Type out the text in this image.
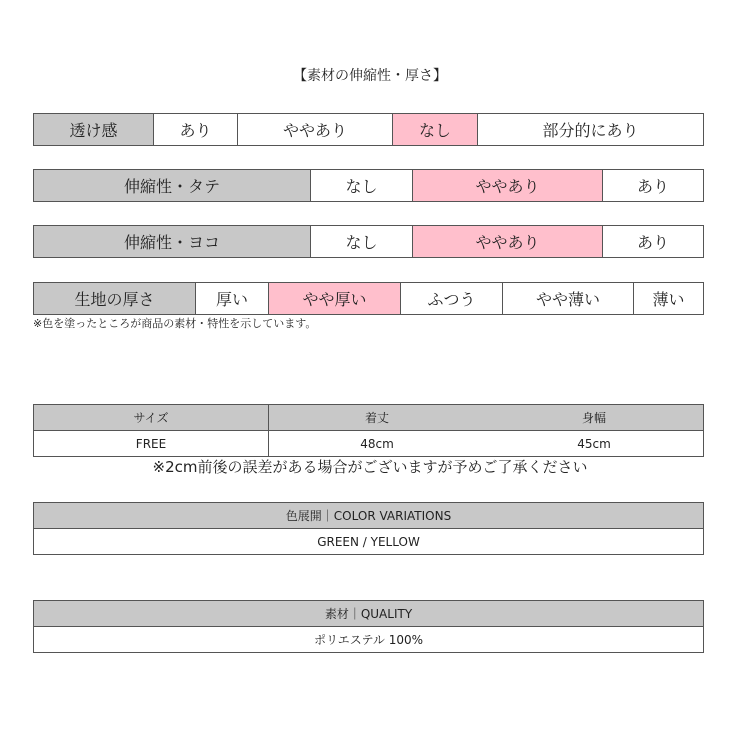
【素材の伸縮性・厚さ】
透け感	あり	ややあり	なし	部分的にあり
伸縮性・タテ	なし	ややあり	あり
伸縮性・ヨコ	なし	ややあり	あり
生地の厚さ	厚い	やや厚い	ふつう	やや薄い	薄い
※色を塗ったところが商品の素材・特性を示しています。
サイズ	着丈	身幅
FREE	48cm	45cm
※2cm前後の誤差がある場合がございますが予めご了承ください
色展開｜COLOR VARIATIONS
GREEN / YELLOW
素材｜QUALITY
ポリエステル 100%
